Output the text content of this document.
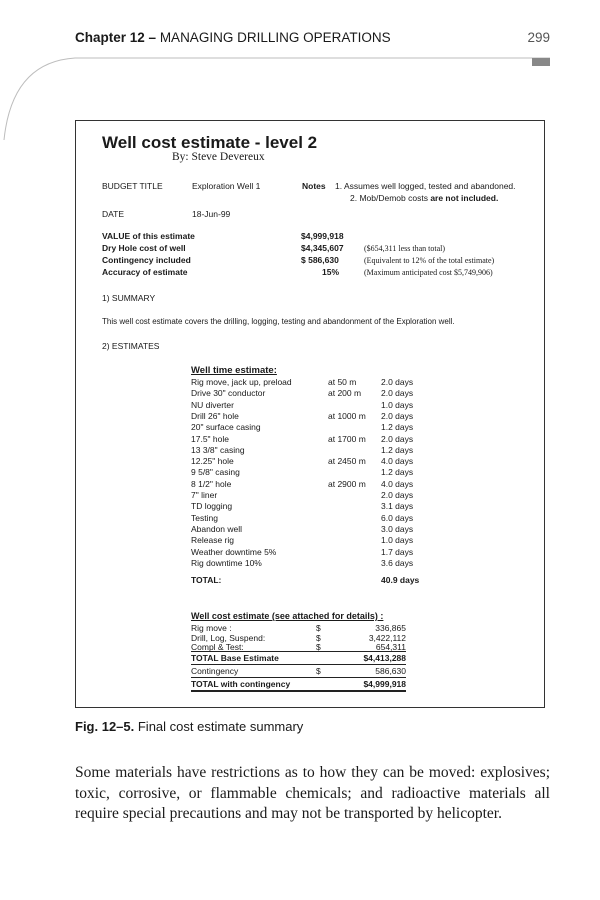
Chapter 12 – MANAGING DRILLING OPERATIONS	299
Well cost estimate - level 2
By: Steve Devereux
BUDGET TITLE	Exploration Well 1	Notes 1. Assumes well logged, tested and abandoned.
2. Mob/Demob costs are not included.
DATE	18-Jun-99
VALUE of this estimate	$4,999,918
Dry Hole cost of well	$4,345,607	($654,311 less than total)
Contingency included	$ 586,630	(Equivalent to 12% of the total estimate)
Accuracy of estimate	15%	(Maximum anticipated cost $5,749,906)
1) SUMMARY
This well cost estimate covers the drilling, logging, testing and abandonment of the Exploration well.
2) ESTIMATES
Well time estimate:
Rig move, jack up, preload	at 50 m	2.0 days
Drive 30" conductor	at 200 m 2.0 days
NU diverter	1.0 days
Drill 26" hole	at 1000 m 2.0 days
20" surface casing	1.2 days
17.5" hole	at 1700 m 2.0 days
13 3/8" casing	1.2 days
12.25" hole	at 2450 m 4.0 days
9 5/8" casing	1.2 days
8 1/2" hole	at 2900 m 4.0 days
7" liner	2.0 days
TD logging	3.1 days
Testing	6.0 days
Abandon well	3.0 days
Release rig	1.0 days
Weather downtime 5%	1.7 days
Rig downtime 10%	3.6 days
TOTAL:	40.9 days
Well cost estimate (see attached for details) :
Rig move :	$	336,865
Drill, Log, Suspend:	$	3,422,112
Compl & Test:	$	654,311
TOTAL Base Estimate	$4,413,288
Contingency	$	586,630
TOTAL with contingency	$4,999,918
Fig. 12–5. Final cost estimate summary
Some materials have restrictions as to how they can be moved: explosives; toxic, corrosive, or flammable chemicals; and radioactive materials all require special precautions and may not be transported by helicopter.
